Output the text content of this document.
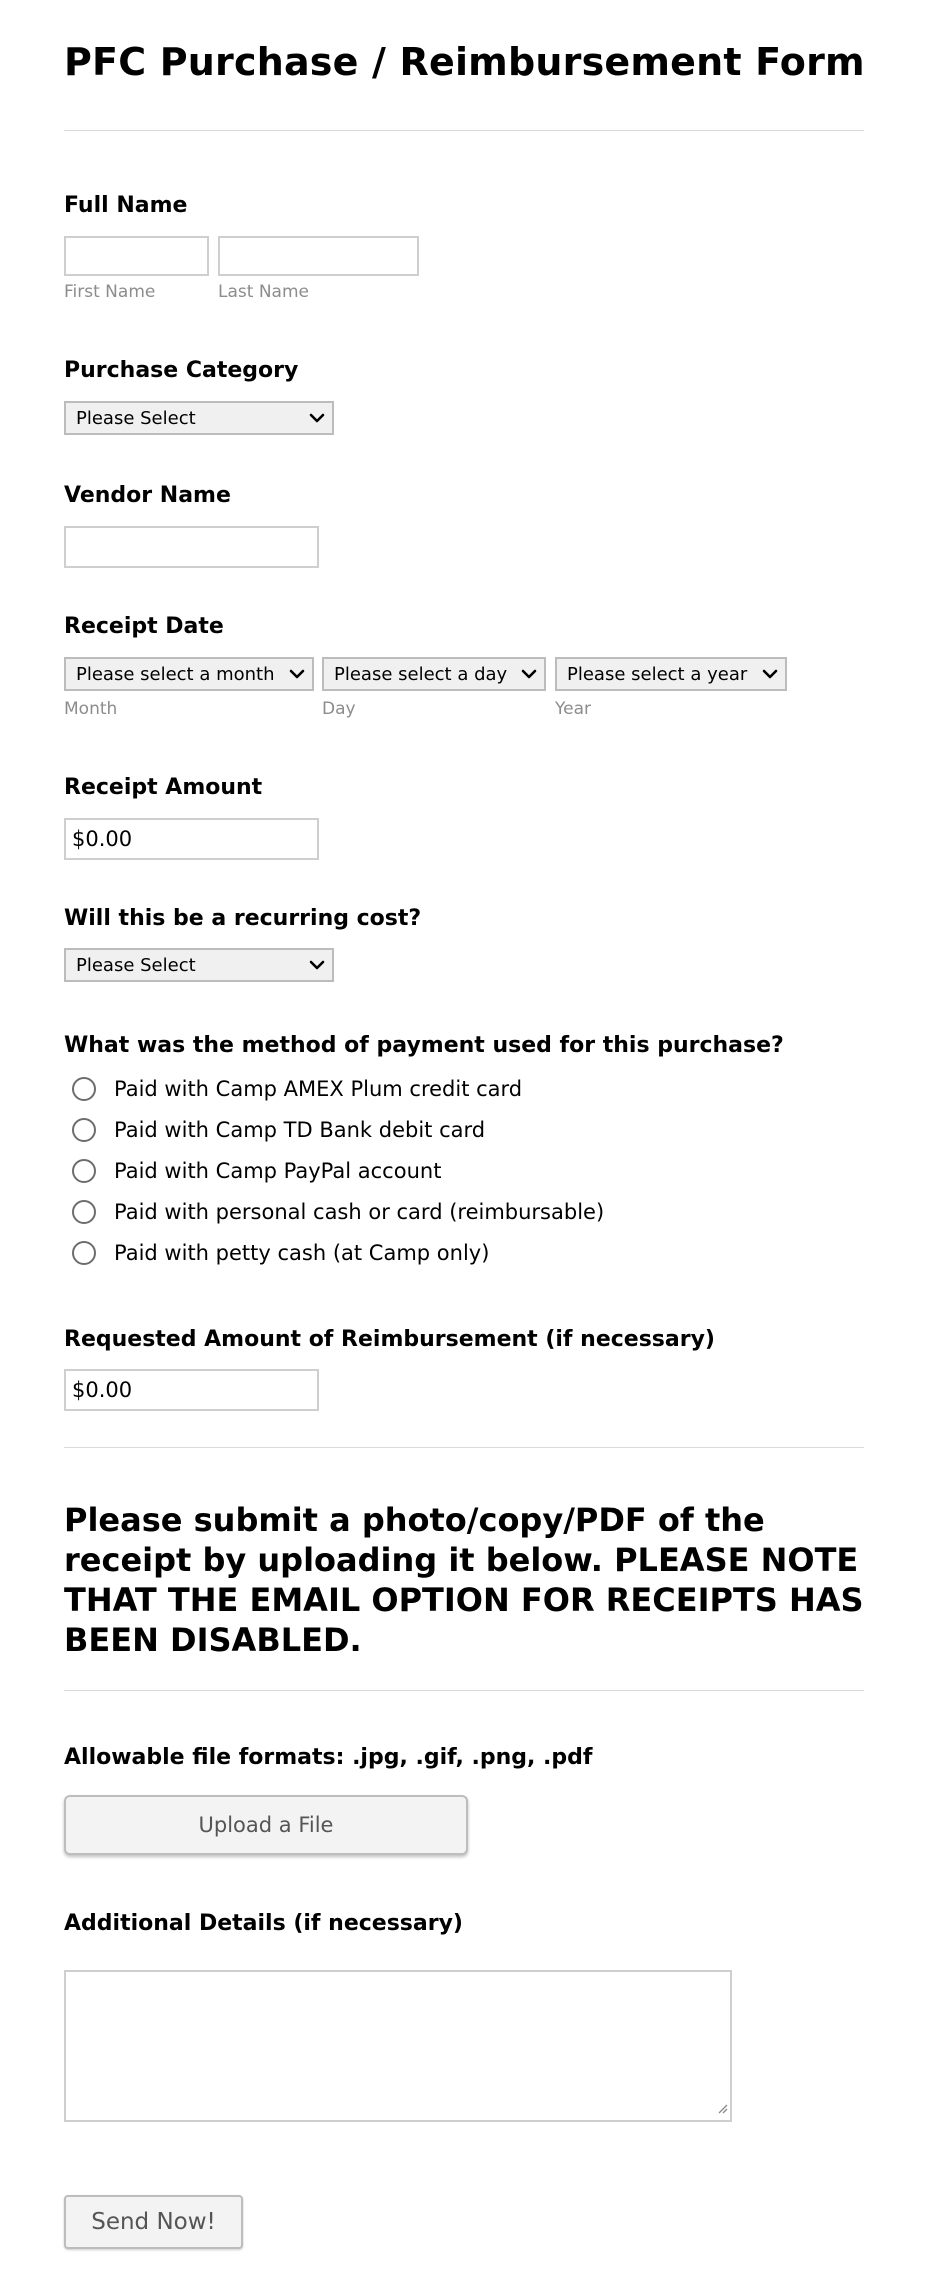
PFC Purchase / Reimbursement Form
Full Name
First Name	Last Name
Purchase Category
Please Select
Vendor Name
Receipt Date
Please select a month	Please select a day	Please select a year
Month	Day	Year
Receipt Amount
$0.00
Will this be a recurring cost?
Please Select
What was the method of payment used for this purchase?
Paid with Camp AMEX Plum credit card
Paid with Camp TD Bank debit card
Paid with Camp PayPal account
Paid with personal cash or card (reimbursable)
Paid with petty cash (at Camp only)
Requested Amount of Reimbursement (if necessary)
$0.00

Please submit a photo/copy/PDF of the receipt by uploading it below. PLEASE NOTE THAT THE EMAIL OPTION FOR RECEIPTS HAS BEEN DISABLED.

Allowable file formats: .jpg, .gif, .png, .pdf
Upload a File
Additional Details (if necessary)
Send Now!
